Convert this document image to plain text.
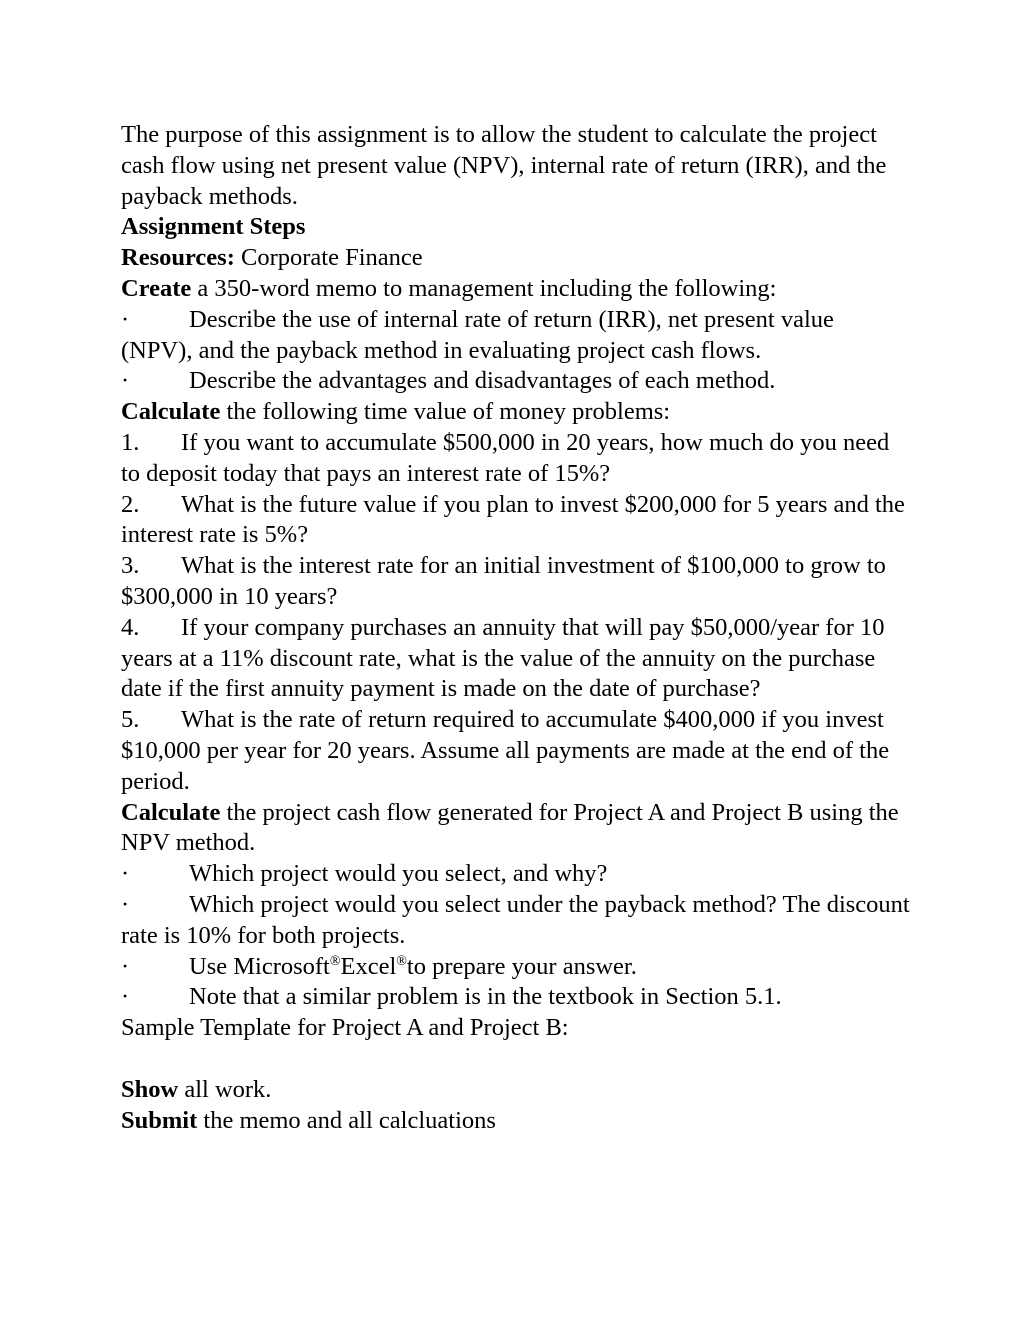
The purpose of this assignment is to allow the student to calculate the project cash flow using net present value (NPV), internal rate of return (IRR), and the payback methods.

Assignment Steps

Resources: Corporate Finance

Create a 350-word memo to management including the following:

· Describe the use of internal rate of return (IRR), net present value (NPV), and the payback method in evaluating project cash flows.

· Describe the advantages and disadvantages of each method.

Calculate the following time value of money problems:

1. If you want to accumulate $500,000 in 20 years, how much do you need to deposit today that pays an interest rate of 15%?

2. What is the future value if you plan to invest $200,000 for 5 years and the interest rate is 5%?

3. What is the interest rate for an initial investment of $100,000 to grow to $300,000 in 10 years?

4. If your company purchases an annuity that will pay $50,000/year for 10 years at a 11% discount rate, what is the value of the annuity on the purchase date if the first annuity payment is made on the date of purchase?

5. What is the rate of return required to accumulate $400,000 if you invest $10,000 per year for 20 years. Assume all payments are made at the end of the period.

Calculate the project cash flow generated for Project A and Project B using the NPV method.

· Which project would you select, and why?

· Which project would you select under the payback method? The discount rate is 10% for both projects.

· Use Microsoft®Excel®to prepare your answer.

· Note that a similar problem is in the textbook in Section 5.1.

Sample Template for Project A and Project B:

Show all work.

Submit the memo and all calcluations
